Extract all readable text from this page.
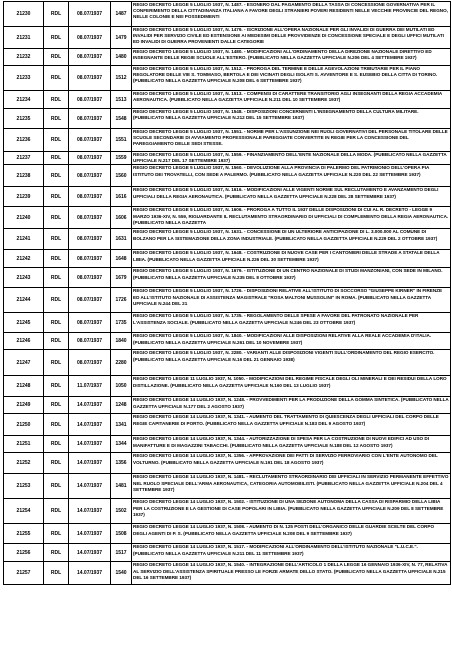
21230	RDL	08.07/1937	1487	REGIO DECRETO LEGGE 5 LUGLIO 1937, N. 1487. - ESONERO DAL PAGAMENTO DELLA TASSA DI CONCESSIONE GOVERNATIVA PER IL CONFERIMENTO DELLA CITTADINANZA ITALIANA A FAVORE DEGLI STRANIERI POVERI RESIDENTI NELLE VECCHIE PROVINCIE DEL REGNO, NELLE COLONIE E NEI POSSEDIMENTI
21231	RDL	08.07/1937	1479	REGIO DECRETO LEGGE 5 LUGLIO 1937, N. 1479. - ISCRIZIONE ALL'OPERA NAZIONALE PER GLI INVALIDI DI GUERRA DEI MUTILATI ED INVALIDI PER SERVIZIO CIVILE ED ESTENSIONE AI MEDESIMI DELLE PROVVIDENZE DI CONCESSIONE SPECIALE E DEGLI UFFICI MUTILATI ED INVALIDI DI GUERRA PROVENIENTI DALLE CATEGORIE
21232	RDL	08.07/1937	1480	REGIO DECRETO LEGGE 5 LUGLIO 1937, N. 1480. - MODIFICAZIONI ALL'ORDINAMENTO DELLA DIREZIONE NAZIONALE DIRETTIVO ED INSEGNANTE DELLE REGIE SCUOLE ALL'ESTERO. (PUBBLICATO NELLA GAZZETTA UFFICIALE N.206 DEL 4 SETTEMBRE 1937)
21233	RDL	08.07/1937	1512	REGIO DECRETO LEGGE 5 LUGLIO 1937, N. 1512. - PROROGA DEL TERMINE E DELLE AGEVOLAZIONI TRIBUTARIE PER IL PIANO REGOLATORE DELLE VIE S. TOMMASO, BERTOLA E DEI VICINATI DEGLI ISOLATI S. AVVENTORE E S. EUSEBIO DELLA CITTA DI TORINO. (PUBBLICATO NELLA GAZZETTA UFFICIALE N.208 DEL 6 SETTEMBRE 1937)
21234	RDL	08.07/1937	1513	REGIO DECRETO LEGGE 5 LUGLIO 1937, N. 1513. - COMPENSI DI CARATTERE TRANSITORIO AGLI INSEGNANTI DELLA REGIA ACCADEMIA AERONAUTICA. (PUBBLICATO NELLA GAZZETTA UFFICIALE N.211 DEL 10 SETTEMBRE 1937)
21235	RDL	08.07/1937	1548	REGIO DECRETO LEGGE 5 LUGLIO 1937, N. 1548. - DISPOSIZIONI CONCERNENTI L'INSEGNAMENTO DELLA CULTURA MILITARE. (PUBBLICATO NELLA GAZZETTA UFFICIALE N.212 DEL 15 SETTEMBRE 1937)
21236	RDL	08.07/1937	1551	REGIO DECRETO LEGGE 5 LUGLIO 1937, N. 1551. - NORME PER L'ASSUNZIONE NEI RUOLI GOVERNATIVI DEL PERSONALE TITOLARE DELLE SCUOLE SECONDARIE DI AVVIAMENTO PROFESSIONALE PAREGGIATE CONVERTITE IN REGIE PER LA CONCESSIONE DEL PAREGGIAMENTO DELLE SEDI STESSE.
21237	RDL	08.07/1937	1559	REGIO DECRETO LEGGE 5 LUGLIO 1937, N. 1559. - FINANZIAMENTO DELL'ENTE NAZIONALE DELLA MODA. (PUBBLICATO NELLA GAZZETTA UFFICIALE N.217 DEL 17 SETTEMBRE 1937)
21238	RDL	08.07/1937	1560	REGIO DECRETO LEGGE 5 LUGLIO 1937, N. 1560. - DEVOLUZIONE ALLA PROVINCIA DI PALERMO DEL PATRIMONIO DELL'OPERA PIA ISTITUTO DEI TROVATELLI, CON SEDE A PALERMO. (PUBBLICATO NELLA GAZZETTA UFFICIALE N.220 DEL 22 SETTEMBRE 1937)
21239	RDL	08.07/1937	1616	REGIO DECRETO LEGGE 5 LUGLIO 1937, N. 1616. - MODIFICAZIONI ALLE VIGENTI NORME SUL RECLUTAMENTO E AVANZAMENTO DEGLI UFFICIALI DELLA REGIA AERONAUTICA. (PUBBLICATO NELLA GAZZETTA UFFICIALE N.228 DEL 28 SETTEMBRE 1937)
21240	RDL	08.07/1937	1606	REGIO DECRETO LEGGE 5 LUGLIO 1937, N. 1606. - PROROGA A TUTTO IL 1937 DELLE DISPOSIZIONI DI CUI AL R. DECRETO - LEGGE 9 MARZO 1936-XIV, N. 559, RIGUARDANTE IL RECLUTAMENTO STRAORDINARIO DI UFFICIALI DI COMPLEMENTO DELLA REGIA AERONAUTICA. (PUBBLICATO NELLA GAZZETTA
21241	RDL	08.07/1937	1631	REGIO DECRETO LEGGE 5 LUGLIO 1937, N. 1631. - CONCESSIONE DI UN ULTERIORE ANTICIPAZIONE DI L. 3.000.000 AL COMUNE DI BOLZANO PER LA SISTEMAZIONE DELLA ZONA INDUSTRIALE. (PUBBLICATO NELLA GAZZETTA UFFICIALE N.229 DEL 2 OTTOBRE 1937)
21242	RDL	08.07/1937	1648	REGIO DECRETO LEGGE 5 LUGLIO 1937, N. 1648. - COSTRUZIONE DI NUOVE CASE PER I CANTONIERI DELLE STRADE A STATALE DELLA LIBIA. (PUBBLICATO NELLA GAZZETTA UFFICIALE N.226 DEL 30 SETTEMBRE 1937)
21243	RDL	08.07/1937	1679	REGIO DECRETO LEGGE 5 LUGLIO 1937, N. 1679. - ISTITUZIONE DI UN CENTRO NAZIONALE DI STUDI MANZONIANI, CON SEDE IN MILANO. (PUBBLICATO NELLA GAZZETTA UFFICIALE N.235 DEL 8 OTTOBRE 1937)
21244	RDL	08.07/1937	1726	REGIO DECRETO LEGGE 5 LUGLIO 1937, N. 1726. - DISPOSIZIONI RELATIVE ALL'ISTITUTO DI SOCCORSO "GIUSEPPE KIRNER" IN FIRENZE ED ALL'ISTITUTO NAZIONALE DI ASSISTENZA MAGISTRALE "ROSA MALTONI MUSSOLINI" IN ROMA. (PUBBLICATO NELLA GAZZETTA UFFICIALE N.244 DEL 21
21245	RDL	08.07/1937	1735	REGIO DECRETO LEGGE 5 LUGLIO 1937, N. 1735. - REGOLAMENTO DELLE SPESE A FAVORE DEL PATRONATO NAZIONALE PER L'ASSISTENZA SOCIALE. (PUBBLICATO NELLA GAZZETTA UFFICIALE N.246 DEL 23 OTTOBRE 1937)
21246	RDL	08.07/1937	1840	REGIO DECRETO LEGGE 5 LUGLIO 1937, N. 1840. - MODIFICAZIONI ALLE DISPOSIZIONI RELATIVE ALLA REALE ACCADEMIA D'ITALIA. (PUBBLICATO NELLA GAZZETTA UFFICIALE N.261 DEL 10 NOVEMBRE 1937)
21247	RDL	08.07/1937	2280	REGIO DECRETO LEGGE 5 LUGLIO 1937, N. 2280. - VARIANTI ALLE DISPOSIZIONI VIGENTI SULL'ORDINAMENTO DEL REGIO ESERCITO. (PUBBLICATO NELLA GAZZETTA UFFICIALE N.16 DEL 21 GENNAIO 1938)
21248	RDL	11.07/1937	1050	REGIO DECRETO LEGGE 11 LUGLIO 1937, N. 1050. - MODIFICAZIONI DEL REGIME FISCALE DEGLI OLI MINERALI E DEI RESIDUI DELLA LORO DISTILLAZIONE. (PUBBLICATO NELLA GAZZETTA UFFICIALE N.160 DEL 13 LUGLIO 1937)
21249	RDL	14.07/1937	1248	REGIO DECRETO LEGGE 14 LUGLIO 1937, N. 1248. - PROVVEDIMENTI PER LA PRODUZIONE DELLA GOMMA SINTETICA. (PUBBLICATO NELLA GAZZETTA UFFICIALE N.177 DEL 2 AGOSTO 1937)
21250	RDL	14.07/1937	1341	REGIO DECRETO LEGGE 14 LUGLIO 1937, N. 1341. - AUMENTO DEL TRATTAMENTO DI QUIESCENZA DEGLI UFFICIALI DEL CORPO DELLE REGIE CAPITANERIE DI PORTO. (PUBBLICATO NELLA GAZZETTA UFFICIALE N.183 DEL 9 AGOSTO 1937)
21251	RDL	14.07/1937	1344	REGIO DECRETO LEGGE 14 LUGLIO 1937, N. 1344. - AUTORIZZAZIONE DI SPESA PER LA COSTRUZIONE DI NUOVI EDIFICI AD USO DI MANIFATTURE E DI MAGAZZINI TABACCHI. (PUBBLICATO NELLA GAZZETTA UFFICIALE N.188 DEL 12 AGOSTO 1937)
21252	RDL	14.07/1937	1356	REGIO DECRETO LEGGE 14 LUGLIO 1937, N. 1356. - APPROVAZIONE DEI PATTI DI SERVIZIO FERROVIARIO CON L'ENTE AUTONOMO DEL VOLTURNO. (PUBBLICATO NELLA GAZZETTA UFFICIALE N.191 DEL 18 AGOSTO 1937)
21253	RDL	14.07/1937	1481	REGIO DECRETO LEGGE 14 LUGLIO 1937, N. 1481. - RECLUTAMENTO STRAORDINARIO DEI UFFICIALI IN SERVIZIO PERMANENTE EFFETTIVO NEL RUOLO SPECIALE DELL'ARMA AERONAUTICA, CATEGORIA AUTOMOBILISTI. (PUBBLICATO NELLA GAZZETTA UFFICIALE N.204 DEL 4 SETTEMBRE 1937)
21254	RDL	14.07/1937	1502	REGIO DECRETO LEGGE 14 LUGLIO 1937, N. 1502. - ISTITUZIONE DI UNA SEZIONE AUTONOMA DELLA CASSA DI RISPARMIO DELLA LIBIA PER LA COSTRUZIONE E LA GESTIONE DI CASE POPOLARI IN LIBIA. (PUBBLICATO NELLA GAZZETTA UFFICIALE N.209 DEL 8 SETTEMBRE 1937)
21255	RDL	14.07/1937	1508	REGIO DECRETO LEGGE 14 LUGLIO 1937, N. 1508. - AUMENTO DI N. 125 POSTI DELL'ORGANICO DELLE GUARDIE SCELTE DEL CORPO DEGLI AGENTI DI P. S. (PUBBLICATO NELLA GAZZETTA UFFICIALE N.208 DEL 9 SETTEMBRE 1937)
21256	RDL	14.07/1937	1517	REGIO DECRETO LEGGE 14 LUGLIO 1937, N. 1517. - MODIFICAZIONI ALL'ORDINAMENTO DELL'ISTITUTO NAZIONALE "L.U.C.E.". (PUBBLICATO NELLA GAZZETTA UFFICIALE N.211 DEL 11 SETTEMBRE 1937)
21257	RDL	14.07/1937	1540	REGIO DECRETO LEGGE 14 LUGLIO 1937, N. 1540. - INTEGRAZIONE DELL'ARTICOLO 1 DELLA LEGGE 16 GENNAIO 1936-XIV, N. 77, RELATIVA AL SERVIZIO DELL'ASSISTENZA SPIRITUALE PRESSO LE FORZE ARMATE DELLO STATO. (PUBBLICATO NELLA GAZZETTA UFFICIALE N.215 DEL 16 SETTEMBRE 1937)
